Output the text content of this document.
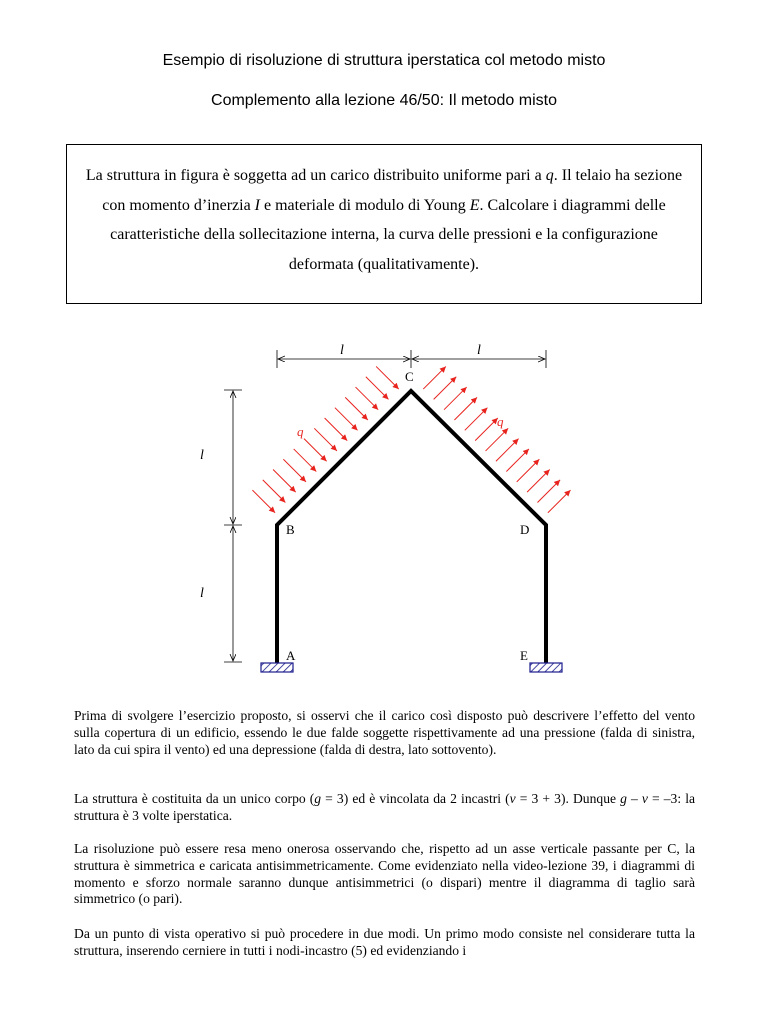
Esempio di risoluzione di struttura iperstatica col metodo misto
Complemento alla lezione 46/50: Il metodo misto
La struttura in figura è soggetta ad un carico distribuito uniforme pari a q. Il telaio ha sezione con momento d’inerzia I e materiale di modulo di Young E. Calcolare i diagrammi delle caratteristiche della sollecitazione interna, la curva delle pressioni e la configurazione deformata (qualitativamente).
l	l
l
l
C
B	D
A	E
q
q
Prima di svolgere l’esercizio proposto, si osservi che il carico così disposto può descrivere l’effetto del vento sulla copertura di un edificio, essendo le due falde soggette rispettivamente ad una pressione (falda di sinistra, lato da cui spira il vento) ed una depressione (falda di destra, lato sottovento).
La struttura è costituita da un unico corpo (g = 3) ed è vincolata da 2 incastri (v = 3 + 3). Dunque g – v = –3: la struttura è 3 volte iperstatica.
La risoluzione può essere resa meno onerosa osservando che, rispetto ad un asse verticale passante per C, la struttura è simmetrica e caricata antisimmetricamente. Come evidenziato nella video-lezione 39, i diagrammi di momento e sforzo normale saranno dunque antisimmetrici (o dispari) mentre il diagramma di taglio sarà simmetrico (o pari).
Da un punto di vista operativo si può procedere in due modi. Un primo modo consiste nel considerare tutta la struttura, inserendo cerniere in tutti i nodi-incastro (5) ed evidenziando i
